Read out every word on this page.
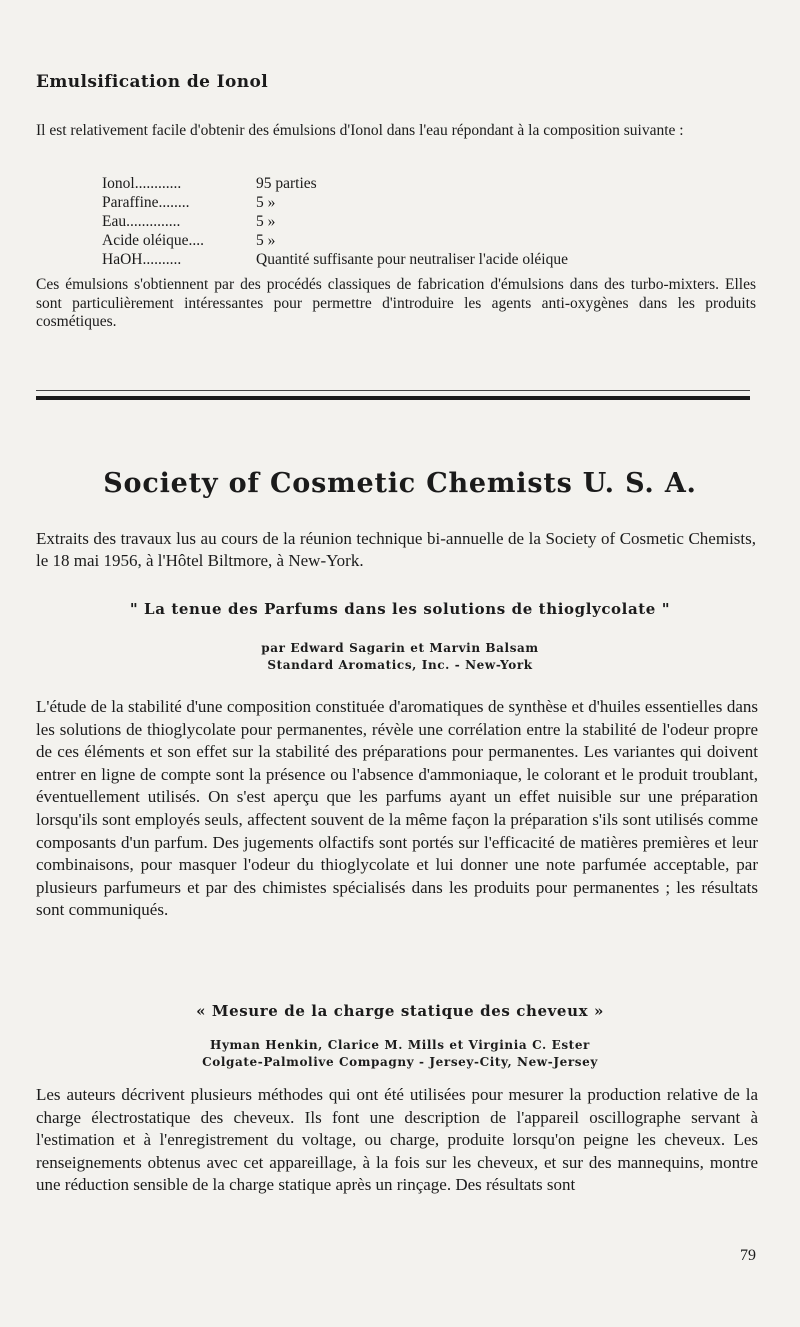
Emulsification de Ionol

Il est relativement facile d'obtenir des émulsions d'Ionol dans l'eau répondant à la composition suivante :

Ionol............	95 parties
Paraffine........	5 »
Eau..............	5 »
Acide oléique....	5 »
HaOH..........	Quantité suffisante pour neutraliser l'acide oléique

Ces émulsions s'obtiennent par des procédés classiques de fabrication d'émulsions dans des turbo-mixters. Elles sont particulièrement intéressantes pour permettre d'introduire les agents anti-oxygènes dans les produits cosmétiques.

Society of Cosmetic Chemists U. S. A.

Extraits des travaux lus au cours de la réunion technique bi-annuelle de la Society of Cosmetic Chemists, le 18 mai 1956, à l'Hôtel Biltmore, à New-York.

" La tenue des Parfums dans les solutions de thioglycolate "

par Edward Sagarin et Marvin Balsam

Standard Aromatics, Inc. - New-York

L'étude de la stabilité d'une composition constituée d'aromatiques de synthèse et d'huiles essentielles dans les solutions de thioglycolate pour permanentes, révèle une corrélation entre la stabilité de l'odeur propre de ces éléments et son effet sur la stabilité des préparations pour permanentes. Les variantes qui doivent entrer en ligne de compte sont la présence ou l'absence d'ammoniaque, le colorant et le produit troublant, éventuellement utilisés. On s'est aperçu que les parfums ayant un effet nuisible sur une préparation lorsqu'ils sont employés seuls, affectent souvent de la même façon la préparation s'ils sont utilisés comme composants d'un parfum. Des jugements olfactifs sont portés sur l'efficacité de matières premières et leur combinaisons, pour masquer l'odeur du thioglycolate et lui donner une note parfumée acceptable, par plusieurs parfumeurs et par des chimistes spécialisés dans les produits pour permanentes ; les résultats sont communiqués.

« Mesure de la charge statique des cheveux »

Hyman Henkin, Clarice M. Mills et Virginia C. Ester

Colgate-Palmolive Compagny - Jersey-City, New-Jersey

Les auteurs décrivent plusieurs méthodes qui ont été utilisées pour mesurer la production relative de la charge électrostatique des cheveux. Ils font une description de l'appareil oscillographe servant à l'estimation et à l'enregistrement du voltage, ou charge, produite lorsqu'on peigne les cheveux. Les renseignements obtenus avec cet appareillage, à la fois sur les cheveux, et sur des mannequins, montre une réduction sensible de la charge statique après un rinçage. Des résultats sont

79
